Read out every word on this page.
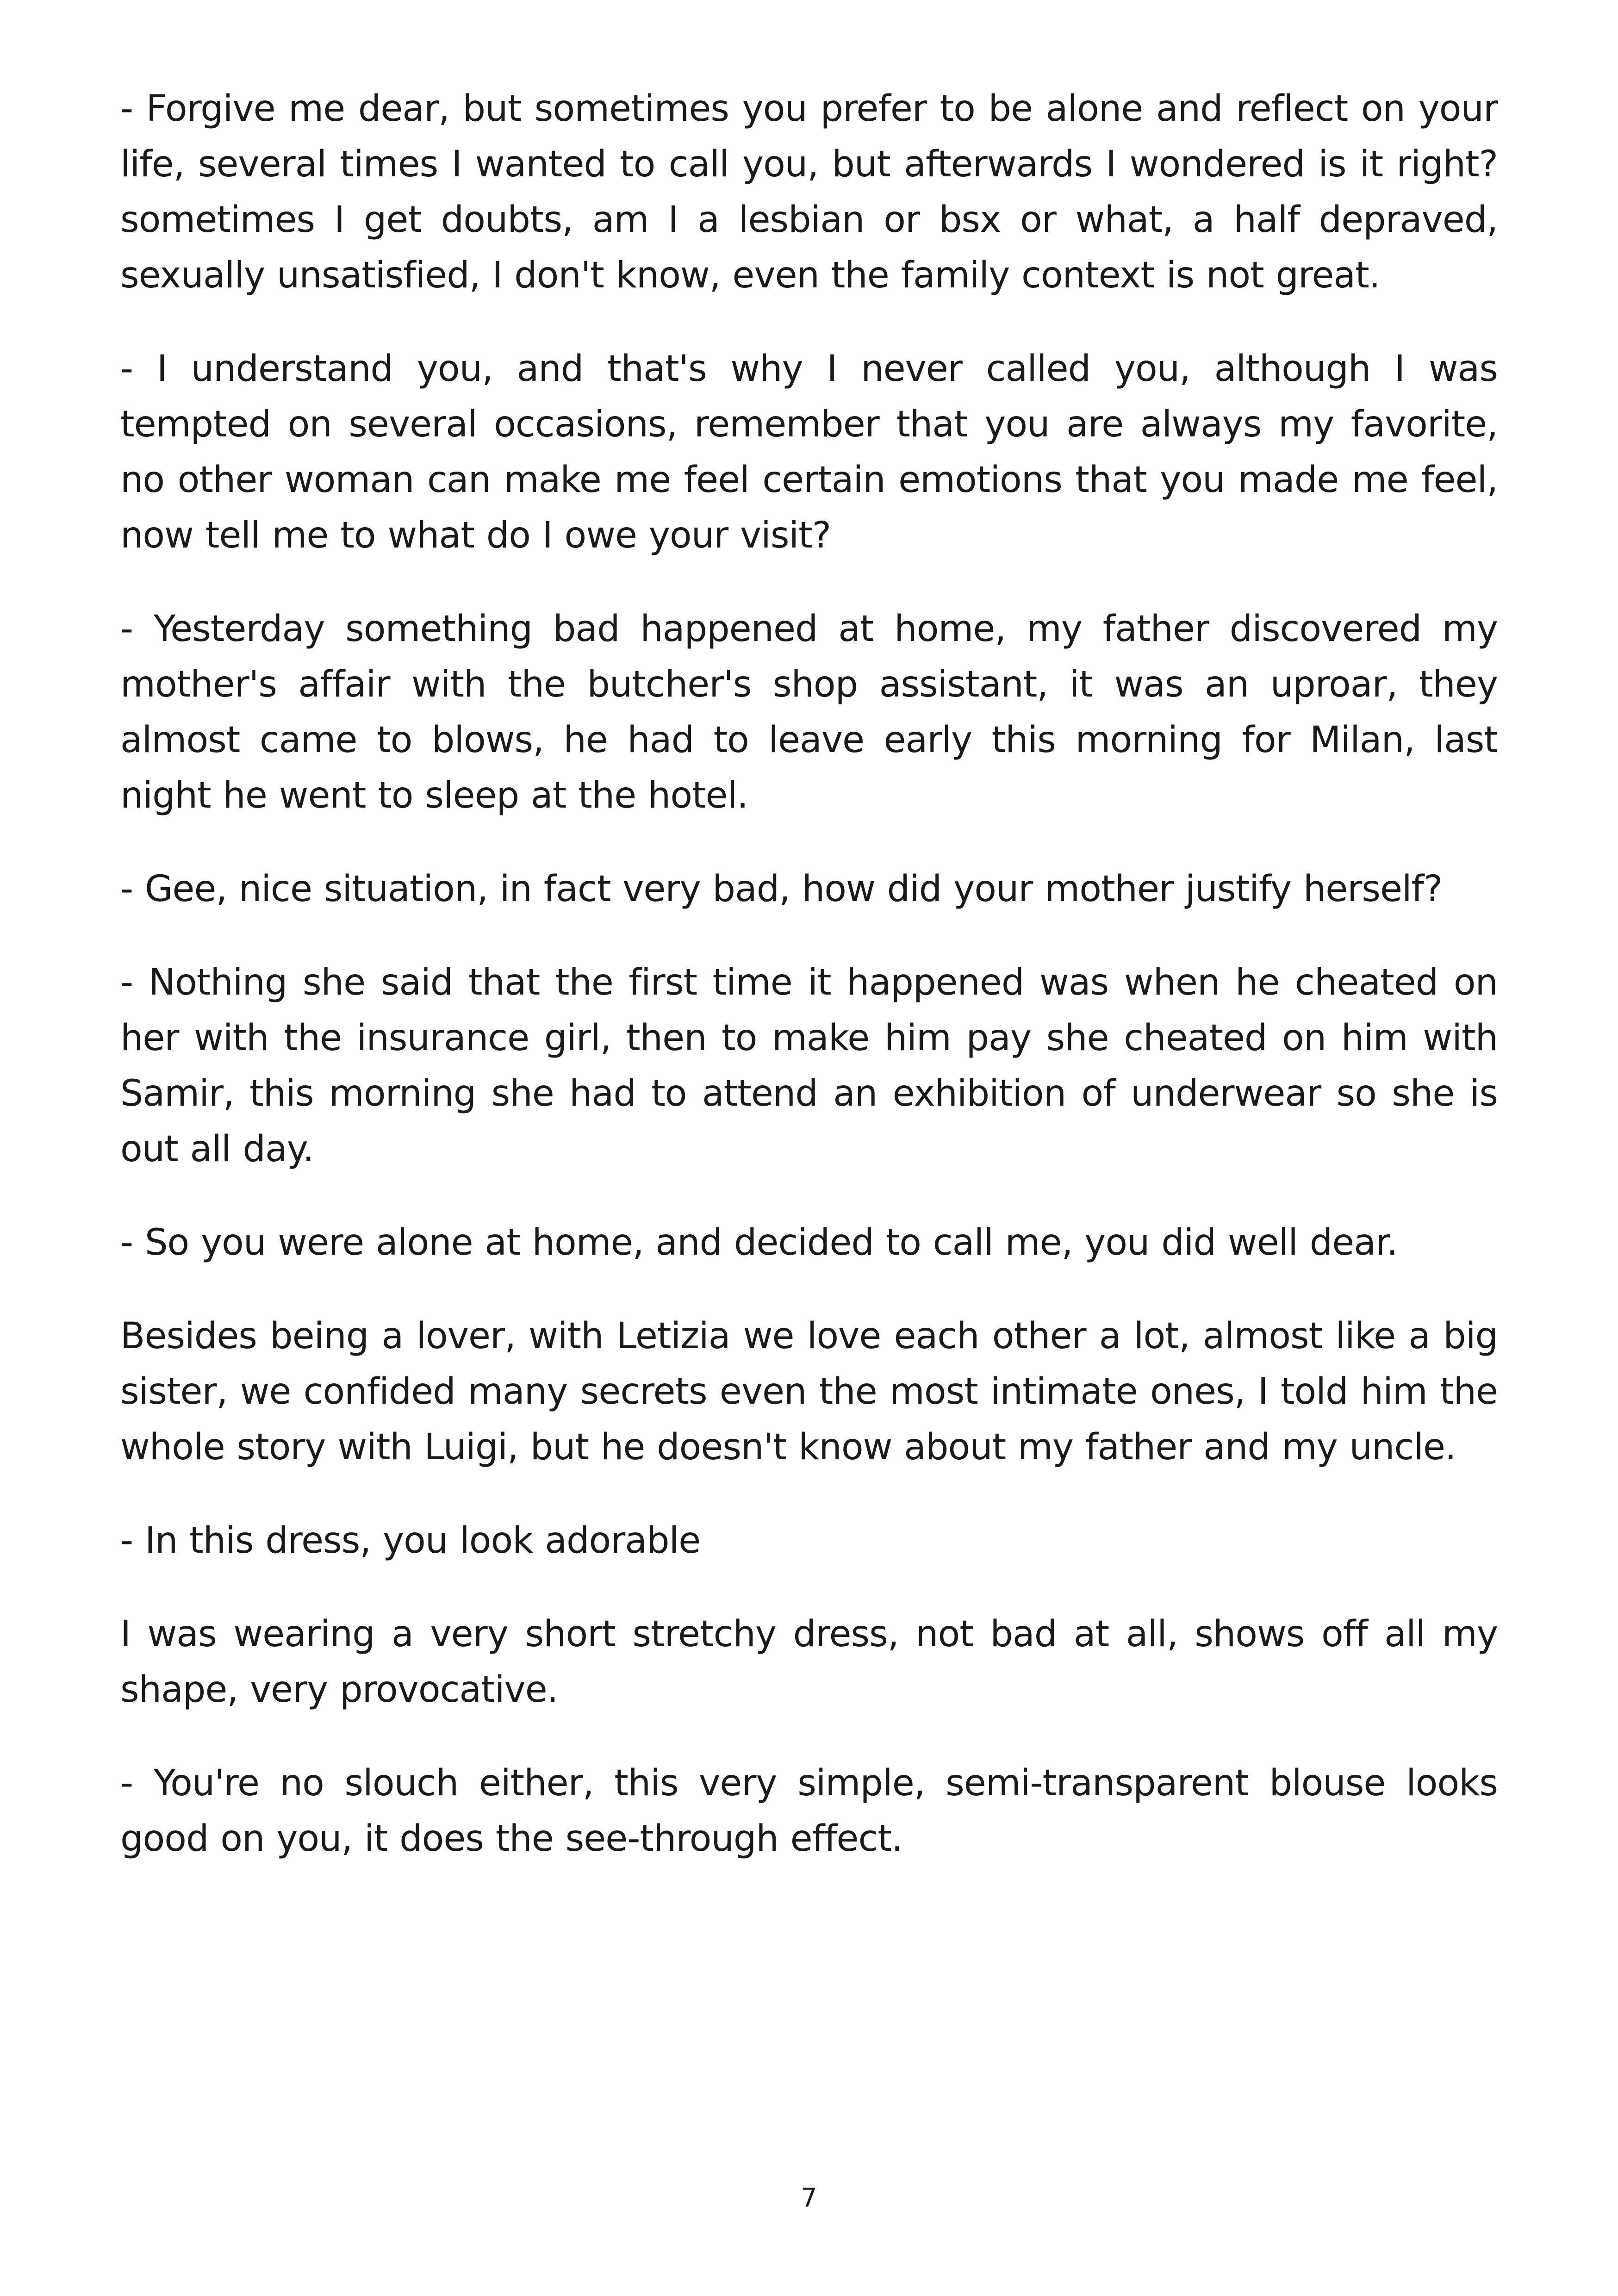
- Forgive me dear, but sometimes you prefer to be alone and reflect on your life, several times I wanted to call you, but afterwards I wondered is it right? sometimes I get doubts, am I a lesbian or bsx or what, a half depraved, sexually unsatisfied, I don't know, even the family context is not great.

- I understand you, and that's why I never called you, although I was tempted on several occasions, remember that you are always my favorite, no other woman can make me feel certain emotions that you made me feel, now tell me to what do I owe your visit?

- Yesterday something bad happened at home, my father discovered my mother's affair with the butcher's shop assistant, it was an uproar, they almost came to blows, he had to leave early this morning for Milan, last night he went to sleep at the hotel.

- Gee, nice situation, in fact very bad, how did your mother justify herself?

- Nothing she said that the first time it happened was when he cheated on her with the insurance girl, then to make him pay she cheated on him with Samir, this morning she had to attend an exhibition of underwear so she is out all day.

- So you were alone at home, and decided to call me, you did well dear.

Besides being a lover, with Letizia we love each other a lot, almost like a big sister, we confided many secrets even the most intimate ones, I told him the whole story with Luigi, but he doesn't know about my father and my uncle.

- In this dress, you look adorable

I was wearing a very short stretchy dress, not bad at all, shows off all my shape, very provocative.

- You're no slouch either, this very simple, semi-transparent blouse looks good on you, it does the see-through effect.

7
